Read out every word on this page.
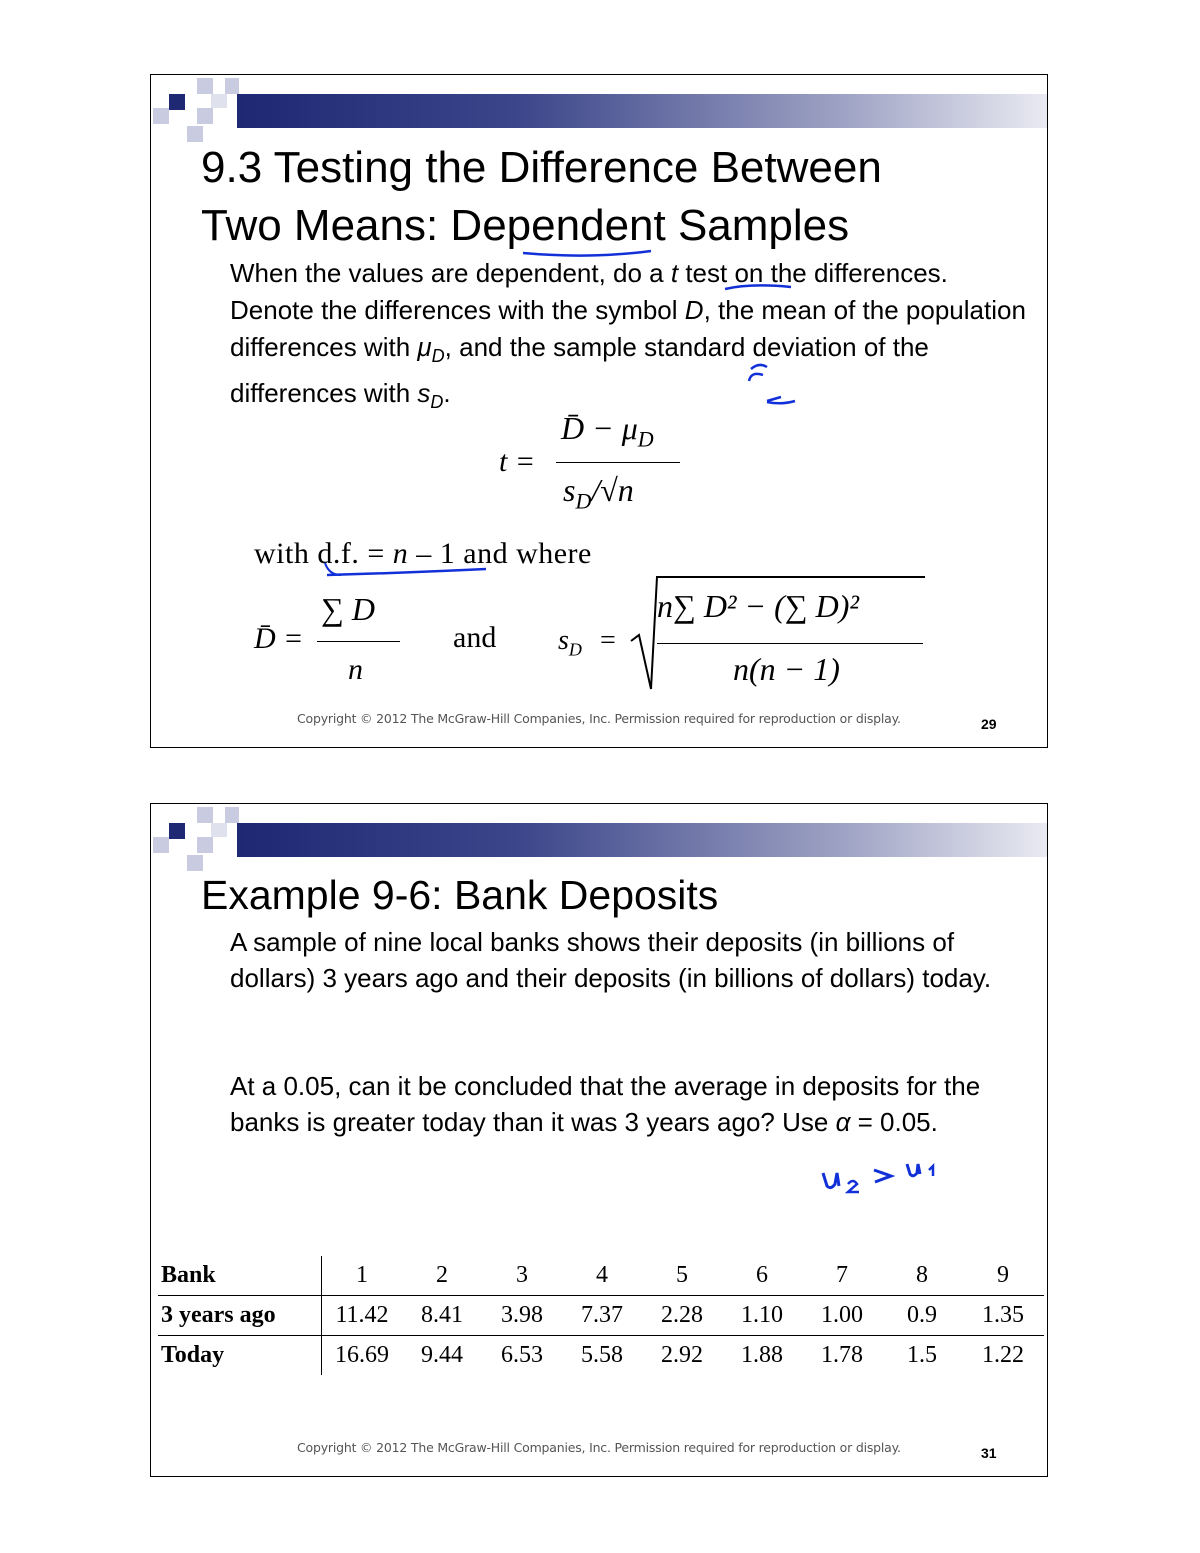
9.3 Testing the Difference Between
Two Means: Dependent Samples

When the values are dependent, do a t test on the differences. Denote the differences with the symbol D, the mean of the population differences with $\mu_D$, and the sample standard deviation of the differences with $s_D$.

t =
D̄ − $\mu_D$
$s_D/√n$

with d.f. = n – 1 and where

D̄ =
∑ D
n
and $s_D$ =
n∑ D² − (∑ D)²
n(n − 1)
Copyright © 2012 The McGraw-Hill Companies, Inc. Permission required for reproduction or display.	29
Example 9-6: Bank Deposits

A sample of nine local banks shows their deposits (in billions of dollars) 3 years ago and their deposits (in billions of dollars) today.

At a 0.05, can it be concluded that the average in deposits for the banks is greater today than it was 3 years ago? Use α = 0.05.

Bank	1	2	3	4	5	6	7	8	9
3 years ago	11.42	8.41	3.98	7.37	2.28	1.10	1.00	0.9	1.35
Today	16.69	9.44	6.53	5.58	2.92	1.88	1.78	1.5	1.22
Copyright © 2012 The McGraw-Hill Companies, Inc. Permission required for reproduction or display.	31
